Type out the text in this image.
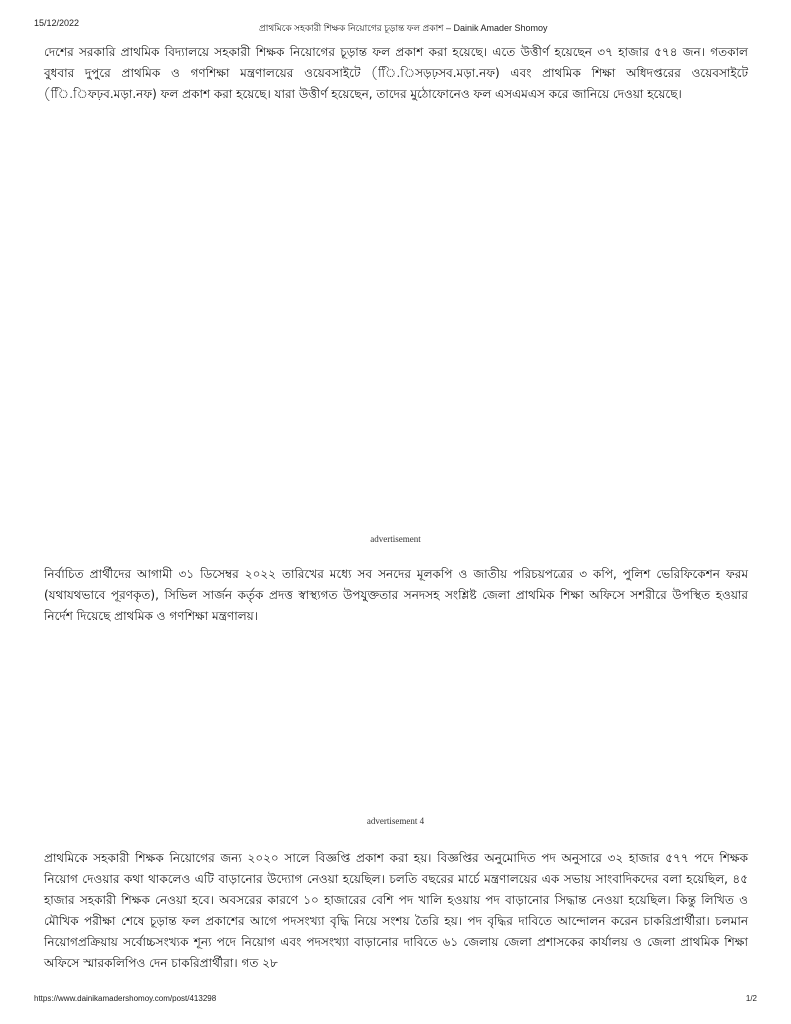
15/12/2022	প্রাথমিকে সহকারী শিক্ষক নিয়োগের চূড়ান্ত ফল প্রকাশ – Dainik Amader Shomoy

দেশের সরকারি প্রাথমিক বিদ্যালয়ে সহকারী শিক্ষক নিয়োগের চূড়ান্ত ফল প্রকাশ করা হয়েছে। এতে উত্তীর্ণ হয়েছেন ৩৭ হাজার ৫৭৪ জন। গতকাল বুধবার দুপুরে প্রাথমিক ও গণশিক্ষা মন্ত্রণালয়ের ওয়েবসাইটে (িি.িসড়ঢ়সব.মড়া.নফ) এবং প্রাথমিক শিক্ষা অধিদপ্তরের ওয়েবসাইটে (িি.িফঢ়ব.মড়া.নফ) ফল প্রকাশ করা হয়েছে। যারা উত্তীর্ণ হয়েছেন, তাদের মুঠোফোনেও ফল এসএমএস করে জানিয়ে দেওয়া হয়েছে।

advertisement

নির্বাচিত প্রার্থীদের আগামী ৩১ ডিসেম্বর ২০২২ তারিখের মধ্যে সব সনদের মূলকপি ও জাতীয় পরিচয়পত্রের ৩ কপি, পুলিশ ভেরিফিকেশন ফরম (যথাযথভাবে পূরণকৃত), সিভিল সার্জন কর্তৃক প্রদত্ত স্বাস্থ্যগত উপযুক্ততার সনদসহ সংশ্লিষ্ট জেলা প্রাথমিক শিক্ষা অফিসে সশরীরে উপস্থিত হওয়ার নির্দেশ দিয়েছে প্রাথমিক ও গণশিক্ষা মন্ত্রণালয়।

advertisement 4

প্রাথমিকে সহকারী শিক্ষক নিয়োগের জন্য ২০২০ সালে বিজ্ঞপ্তি প্রকাশ করা হয়। বিজ্ঞপ্তির অনুমোদিত পদ অনুসারে ৩২ হাজার ৫৭৭ পদে শিক্ষক নিয়োগ দেওয়ার কথা থাকলেও এটি বাড়ানোর উদ্যোগ নেওয়া হয়েছিল। চলতি বছরের মার্চে মন্ত্রণালয়ের এক সভায় সাংবাদিকদের বলা হয়েছিল, ৪৫ হাজার সহকারী শিক্ষক নেওয়া হবে। অবসরের কারণে ১০ হাজারের বেশি পদ খালি হওয়ায় পদ বাড়ানোর সিদ্ধান্ত নেওয়া হয়েছিল। কিন্তু লিখিত ও মৌখিক পরীক্ষা শেষে চূড়ান্ত ফল প্রকাশের আগে পদসংখ্যা বৃদ্ধি নিয়ে সংশয় তৈরি হয়। পদ বৃদ্ধির দাবিতে আন্দোলন করেন চাকরিপ্রার্থীরা। চলমান নিয়োগপ্রক্রিয়ায় সর্বোচ্চসংখ্যক শূন্য পদে নিয়োগ এবং পদসংখ্যা বাড়ানোর দাবিতে ৬১ জেলায় জেলা প্রশাসকের কার্যালয় ও জেলা প্রাথমিক শিক্ষা অফিসে স্মারকলিপিও দেন চাকরিপ্রার্থীরা। গত ২৮

https://www.dainikamadershomoy.com/post/413298	1/2
